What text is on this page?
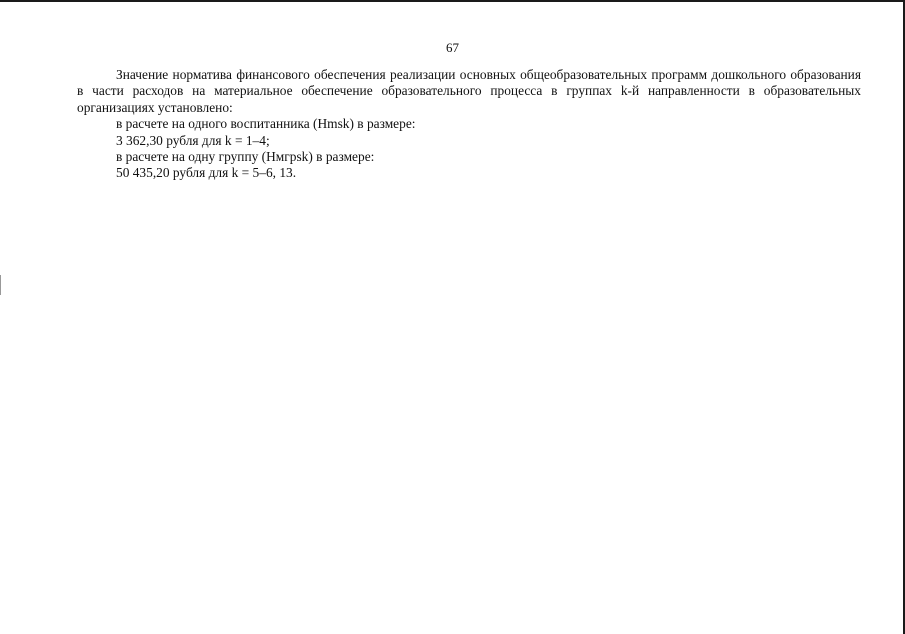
67

Значение норматива финансового обеспечения реализации основных общеобразовательных программ дошкольного образования в части расходов на материальное обеспечение образовательного процесса в группах k-й направленности в образовательных организациях установлено:

в расчете на одного воспитанника (Нmsk) в размере:

3 362,30 рубля для k = 1–4;

в расчете на одну группу (Нмгрsk) в размере:

50 435,20 рубля для k = 5–6, 13.
